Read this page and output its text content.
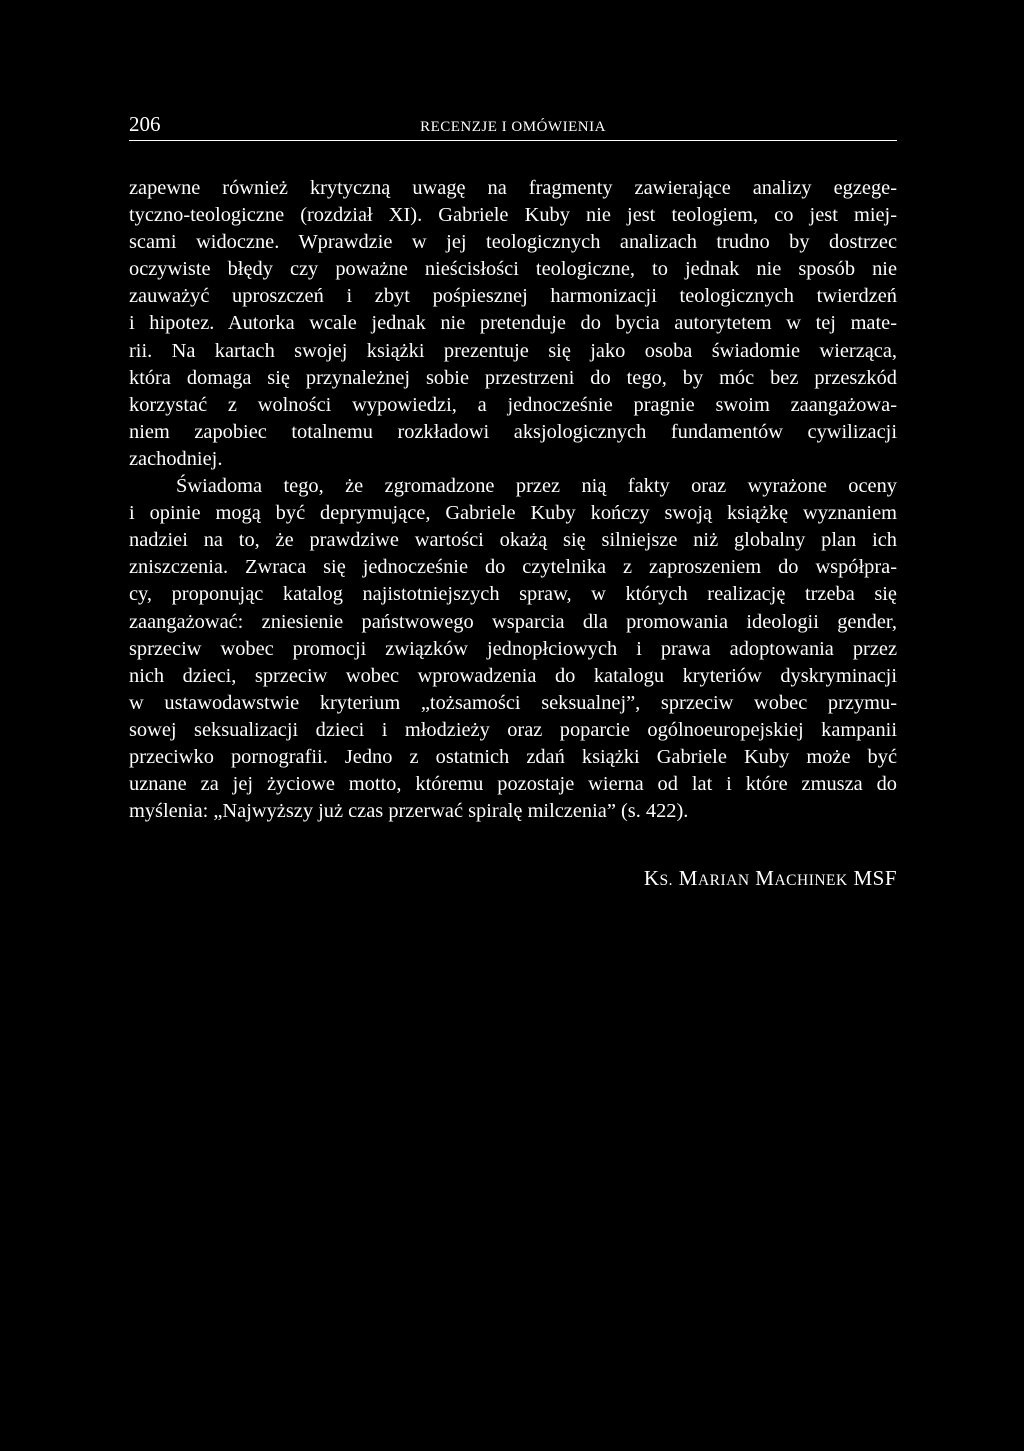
206	RECENZJE I OMÓWIENIA
zapewne również krytyczną uwagę na fragmenty zawierające analizy egzege-
tyczno-teologiczne (rozdział XI). Gabriele Kuby nie jest teologiem, co jest miej-
scami widoczne. Wprawdzie w jej teologicznych analizach trudno by dostrzec
oczywiste błędy czy poważne nieścisłości teologiczne, to jednak nie sposób nie
zauważyć uproszczeń i zbyt pośpiesznej harmonizacji teologicznych twierdzeń
i hipotez. Autorka wcale jednak nie pretenduje do bycia autorytetem w tej mate-
rii. Na kartach swojej książki prezentuje się jako osoba świadomie wierząca,
która domaga się przynależnej sobie przestrzeni do tego, by móc bez przeszkód
korzystać z wolności wypowiedzi, a jednocześnie pragnie swoim zaangażowa-
niem zapobiec totalnemu rozkładowi aksjologicznych fundamentów cywilizacji
zachodniej.
Świadoma tego, że zgromadzone przez nią fakty oraz wyrażone oceny
i opinie mogą być deprymujące, Gabriele Kuby kończy swoją książkę wyznaniem
nadziei na to, że prawdziwe wartości okażą się silniejsze niż globalny plan ich
zniszczenia. Zwraca się jednocześnie do czytelnika z zaproszeniem do współpra-
cy, proponując katalog najistotniejszych spraw, w których realizację trzeba się
zaangażować: zniesienie państwowego wsparcia dla promowania ideologii gender,
sprzeciw wobec promocji związków jednopłciowych i prawa adoptowania przez
nich dzieci, sprzeciw wobec wprowadzenia do katalogu kryteriów dyskryminacji
w ustawodawstwie kryterium „tożsamości seksualnej”, sprzeciw wobec przymu-
sowej seksualizacji dzieci i młodzieży oraz poparcie ogólnoeuropejskiej kampanii
przeciwko pornografii. Jedno z ostatnich zdań książki Gabriele Kuby może być
uznane za jej życiowe motto, któremu pozostaje wierna od lat i które zmusza do
myślenia: „Najwyższy już czas przerwać spiralę milczenia” (s. 422).
KS. MARIAN MACHINEK MSF
